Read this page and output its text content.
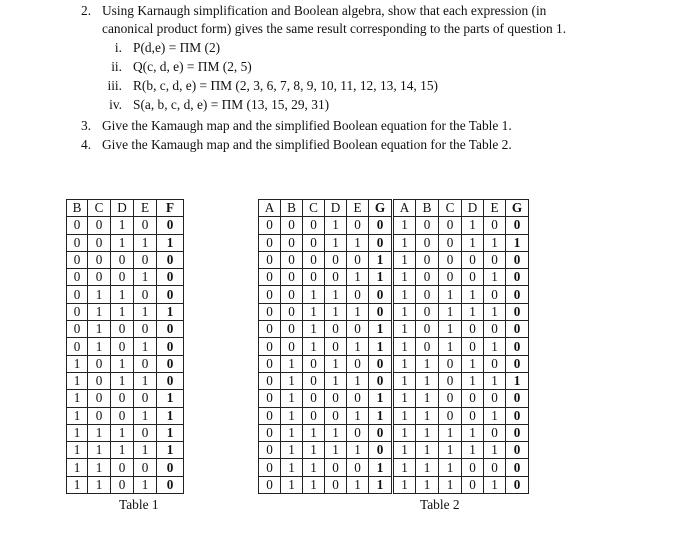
2. Using Karnaugh simplification and Boolean algebra, show that each expression (in
canonical product form) gives the same result corresponding to the parts of question 1.
i. P(d,e) = ΠM (2)
ii. Q(c, d, e) = ΠM (2, 5)
iii. R(b, c, d, e) = ΠM (2, 3, 6, 7, 8, 9, 10, 11, 12, 13, 14, 15)
iv. S(a, b, c, d, e) = ΠM (13, 15, 29, 31)
3. Give the Kamaugh map and the simplified Boolean equation for the Table 1.
4. Give the Kamaugh map and the simplified Boolean equation for the Table 2.
B	C	D	E	F
0	0	1	0	0
0	0	1	1	1
0	0	0	0	0
0	0	0	1	0
0	1	1	0	0
0	1	1	1	1
0	1	0	0	0
0	1	0	1	0
1	0	1	0	0
1	0	1	1	0
1	0	0	0	1
1	0	0	1	1
1	1	1	0	1
1	1	1	1	1
1	1	0	0	0
1	1	0	1	0
Table 1
A	B	C	D	E	G	A	B	C	D	E	G
0	0	0	1	0	0	1	0	0	1	0	0
0	0	0	1	1	0	1	0	0	1	1	1
0	0	0	0	0	1	1	0	0	0	0	0
0	0	0	0	1	1	1	0	0	0	1	0
0	0	1	1	0	0	1	0	1	1	0	0
0	0	1	1	1	0	1	0	1	1	1	0
0	0	1	0	0	1	1	0	1	0	0	0
0	0	1	0	1	1	1	0	1	0	1	0
0	1	0	1	0	0	1	1	0	1	0	0
0	1	0	1	1	0	1	1	0	1	1	1
0	1	0	0	0	1	1	1	0	0	0	0
0	1	0	0	1	1	1	1	0	0	1	0
0	1	1	1	0	0	1	1	1	1	0	0
0	1	1	1	1	0	1	1	1	1	1	0
0	1	1	0	0	1	1	1	1	0	0	0
0	1	1	0	1	1	1	1	1	0	1	0
Table 2
